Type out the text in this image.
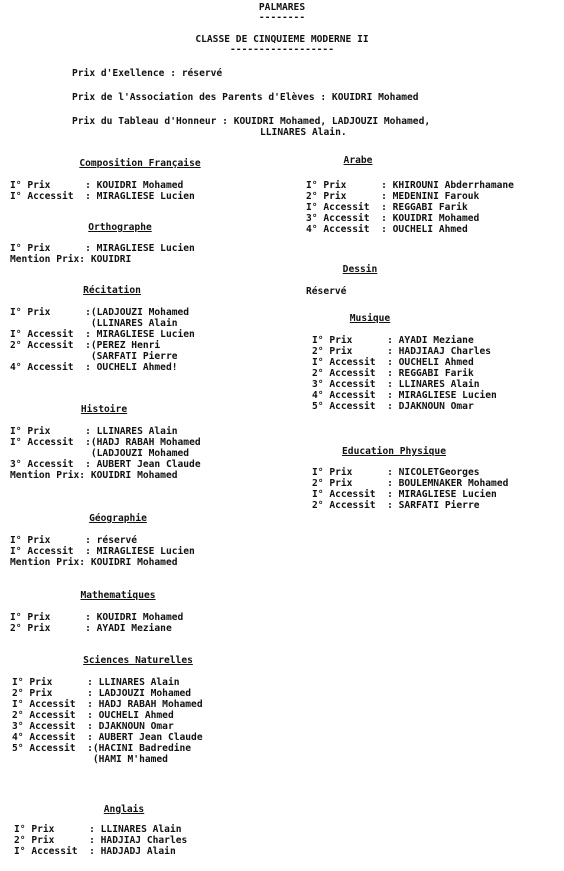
PALMARES
--------
CLASSE DE CINQUIEME MODERNE II
------------------
Prix d'Exellence : réservé
Prix de l'Association des Parents d'Elèves : KOUIDRI Mohamed
Prix du Tableau d'Honneur : KOUIDRI Mohamed, LADJOUZI Mohamed,
LLINARES Alain.
Composition Française
I° Prix      : KOUIDRI Mohamed
I° Accessit  : MIRAGLIESE Lucien
Orthographe
I° Prix      : MIRAGLIESE Lucien
Mention Prix: KOUIDRI
Récitation
I° Prix      : (LADJOUZI Mohamed

(LLINARES Alain
I° Accessit  : MIRAGLIESE Lucien
2° Accessit  : (PEREZ Henri

(SARFATI Pierre
4° Accessit  : OUCHELI Ahmed!
Histoire
I° Prix      : LLINARES Alain
I° Accessit  : (HADJ RABAH Mohamed

(LADJOUZI Mohamed
3° Accessit  : AUBERT Jean Claude
Mention Prix: KOUIDRI Mohamed
Géographie
I° Prix      : réservé
I° Accessit  : MIRAGLIESE Lucien
Mention Prix: KOUIDRI Mohamed
Mathematiques
I° Prix      : KOUIDRI Mohamed
2° Prix      : AYADI Meziane
Sciences Naturelles
I° Prix      : LLINARES Alain
2° Prix      : LADJOUZI Mohamed
I° Accessit  : HADJ RABAH Mohamed
2° Accessit  : OUCHELI Ahmed
3° Accessit  : DJAKNOUN Omar
4° Accessit  : AUBERT Jean Claude
5° Accessit  : (HACINI Badredine

(HAMI M'hamed
Anglais
I° Prix      : LLINARES Alain
2° Prix      : HADJIAJ Charles
I° Accessit  : HADJADJ Alain
Arabe
I° Prix      : KHIROUNI Abderrhamane
2° Prix      : MEDENINI Farouk
I° Accessit  : REGGABI Farik
3° Accessit  : KOUIDRI Mohamed
4° Accessit  : OUCHELI Ahmed
Dessin
Réservé
Musique
I° Prix      : AYADI Meziane
2° Prix      : HADJIAAJ Charles
I° Accessit  : OUCHELI Ahmed
2° Accessit  : REGGABI Farik
3° Accessit  : LLINARES Alain
4° Accessit  : MIRAGLIESE Lucien
5° Accessit  : DJAKNOUN Omar
Education Physique
I° Prix      : NICOLETGeorges
2° Prix      : BOULEMNAKER Mohamed
I° Accessit  : MIRAGLIESE Lucien
2° Accessit  : SARFATI Pierre
